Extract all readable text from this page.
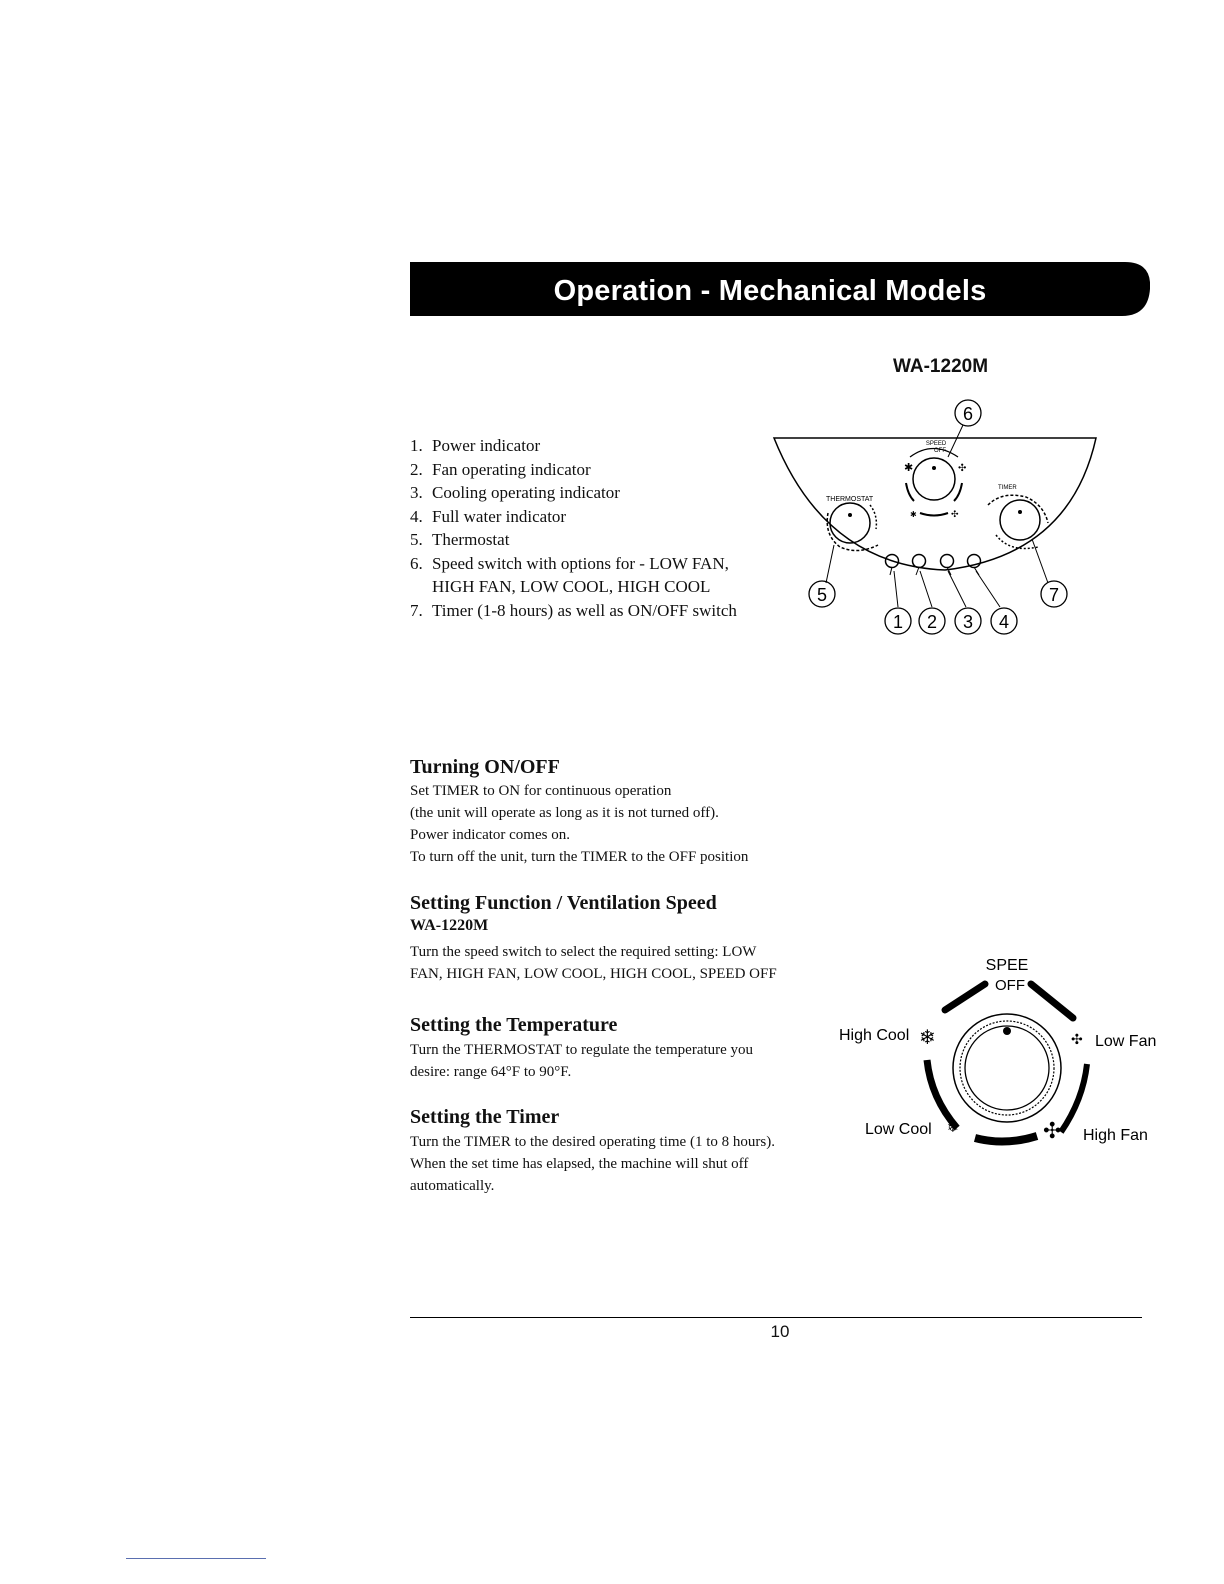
Operation - Mechanical Models
WA-1220M
1. Power indicator
2. Fan operating indicator
3. Cooling operating indicator
4. Full water indicator
5. Thermostat
6. Speed switch with options for - LOW FAN,
HIGH FAN, LOW COOL, HIGH COOL
7. Timer (1-8 hours) as well as ON/OFF switch
6
SPEED
OFF
✱	✣
✱	✣
THERMOSTAT
TIMER
1 2 3 4
5	7
Turning ON/OFF
Set TIMER to ON for continuous operation
(the unit will operate as long as it is not turned off).
Power indicator comes on.
To turn off the unit, turn the TIMER to the OFF position
Setting Function / Ventilation Speed
WA-1220M
Turn the speed switch to select the required setting: LOW
FAN, HIGH FAN, LOW COOL, HIGH COOL, SPEED OFF
Setting the Temperature
Turn the THERMOSTAT to regulate the temperature you
desire: range 64°F to 90°F.
Setting the Timer
Turn the TIMER to the desired operating time (1 to 8 hours).
When the set time has elapsed, the machine will shut off
automatically.
SPEE
OFF
High Cool ❄	✣ Low Fan
Low Cool ❄	✣ High Fan
10
